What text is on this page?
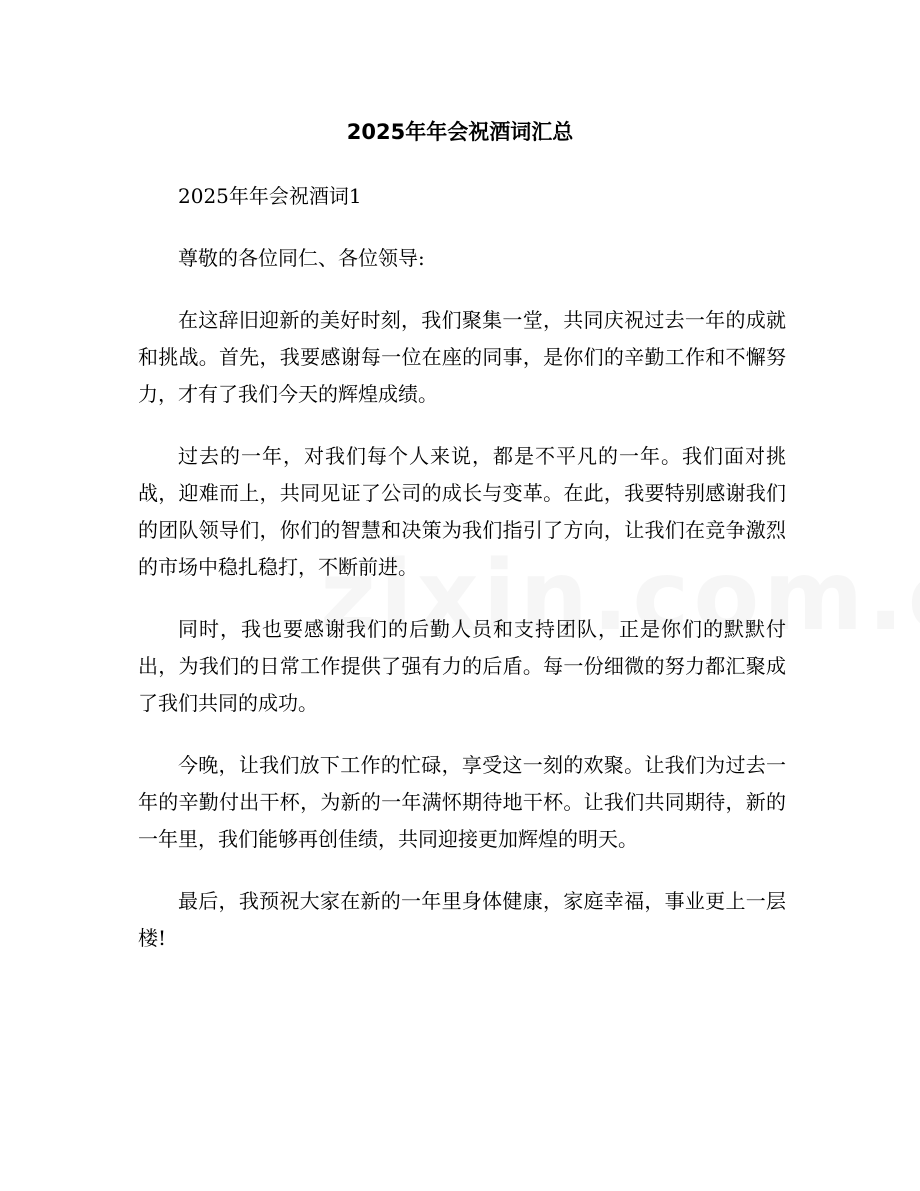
2025年年会祝酒词汇总

2025年年会祝酒词1

尊敬的各位同仁、各位领导:

在这辞旧迎新的美好时刻，我们聚集一堂，共同庆祝过去一年的成就和挑战。首先，我要感谢每一位在座的同事，是你们的辛勤工作和不懈努力，才有了我们今天的辉煌成绩。

过去的一年，对我们每个人来说，都是不平凡的一年。我们面对挑战，迎难而上，共同见证了公司的成长与变革。在此，我要特别感谢我们的团队领导们，你们的智慧和决策为我们指引了方向，让我们在竞争激烈的市场中稳扎稳打，不断前进。

同时，我也要感谢我们的后勤人员和支持团队，正是你们的默默付出，为我们的日常工作提供了强有力的后盾。每一份细微的努力都汇聚成了我们共同的成功。

今晚，让我们放下工作的忙碌，享受这一刻的欢聚。让我们为过去一年的辛勤付出干杯，为新的一年满怀期待地干杯。让我们共同期待，新的一年里，我们能够再创佳绩，共同迎接更加辉煌的明天。

最后，我预祝大家在新的一年里身体健康，家庭幸福，事业更上一层楼!
